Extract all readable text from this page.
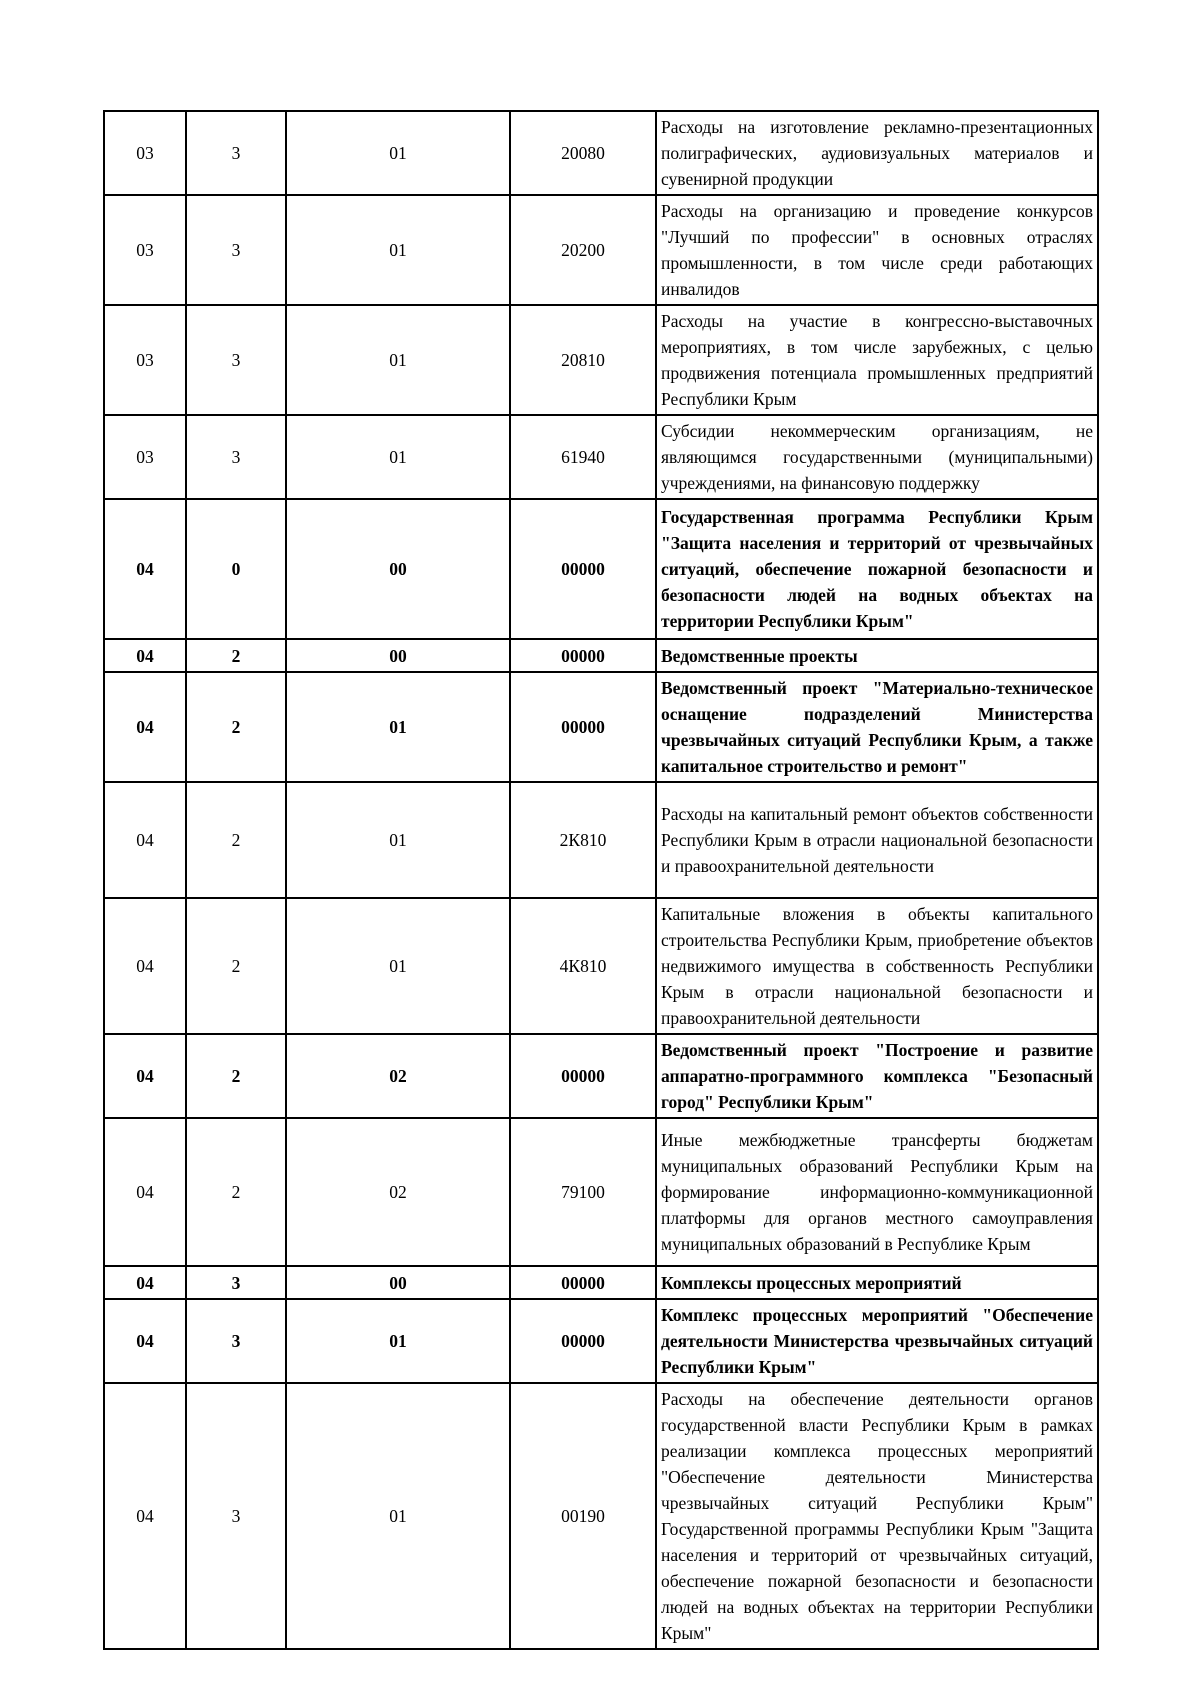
03	3	01	20080	Расходы на изготовление рекламно-презентационных полиграфических, аудиовизуальных материалов и сувенирной продукции
03	3	01	20200	Расходы на организацию и проведение конкурсов "Лучший по профессии" в основных отраслях промышленности, в том числе среди работающих инвалидов
03	3	01	20810	Расходы на участие в конгрессно-выставочных мероприятиях, в том числе зарубежных, с целью продвижения потенциала промышленных предприятий Республики Крым
03	3	01	61940	Субсидии некоммерческим организациям, не являющимся государственными (муниципальными) учреждениями, на финансовую поддержку
04	0	00	00000	Государственная программа Республики Крым "Защита населения и территорий от чрезвычайных ситуаций, обеспечение пожарной безопасности и безопасности людей на водных объектах на территории Республики Крым"
04	2	00	00000	Ведомственные проекты
04	2	01	00000	Ведомственный проект "Материально-техническое оснащение подразделений Министерства чрезвычайных ситуаций Республики Крым, а также капитальное строительство и ремонт"
04	2	01	2К810	Расходы на капитальный ремонт объектов собственности Республики Крым в отрасли национальной безопасности и правоохранительной деятельности
04	2	01	4К810	Капитальные вложения в объекты капитального строительства Республики Крым, приобретение объектов недвижимого имущества в собственность Республики Крым в отрасли национальной безопасности и правоохранительной деятельности
04	2	02	00000	Ведомственный проект "Построение и развитие аппаратно-программного комплекса "Безопасный город" Республики Крым"
04	2	02	79100	Иные межбюджетные трансферты бюджетам муниципальных образований Республики Крым на формирование информационно-коммуникационной платформы для органов местного самоуправления муниципальных образований в Республике Крым
04	3	00	00000	Комплексы процессных мероприятий
04	3	01	00000	Комплекс процессных мероприятий "Обеспечение деятельности Министерства чрезвычайных ситуаций Республики Крым"
04	3	01	00190	Расходы на обеспечение деятельности органов государственной власти Республики Крым в рамках реализации комплекса процессных мероприятий "Обеспечение деятельности Министерства чрезвычайных ситуаций Республики Крым" Государственной программы Республики Крым "Защита населения и территорий от чрезвычайных ситуаций, обеспечение пожарной безопасности и безопасности людей на водных объектах на территории Республики Крым"
